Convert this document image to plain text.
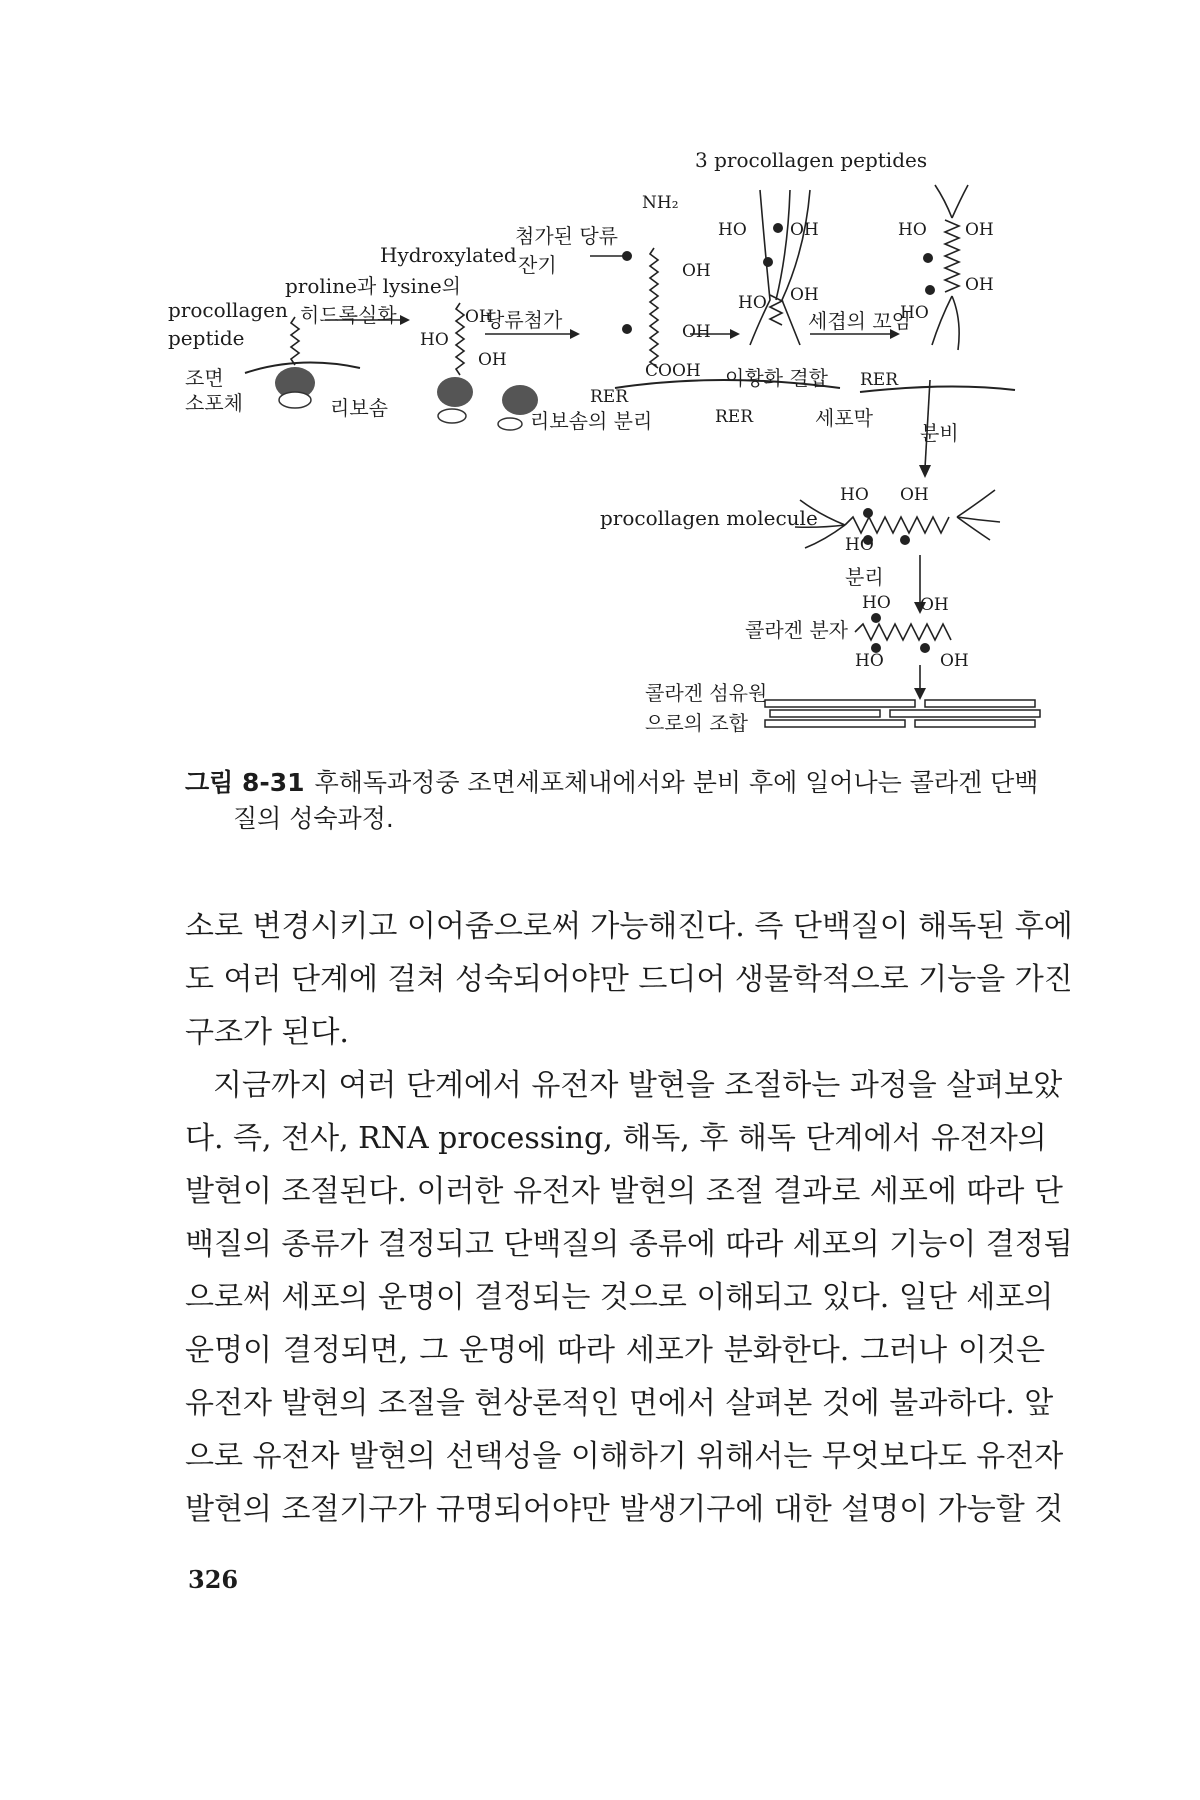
3 procollagen peptides
NH₂
첨가된 당류
잔기
Hydroxylated
proline과 lysine의
히드록실화
procollagen
peptide
조면
소포체	리보솜
당류첨가
리보솜의 분리
RER
RER
RER
이황화 결합
세겹의 꼬임
세포막
분비
procollagen molecule
분리
콜라겐 분자
콜라겐 섬유원
으로의 조합
OH
HO
OH
OH
OH
COOH
HO	OH
HO OH
HO OH
OH
HO
HO OH
HO
HO OH
HO	OH
그림 8-31 후해독과정중 조면세포체내에서와 분비 후에 일어나는 콜라겐 단백
질의 성숙과정.
소로 변경시키고 이어줌으로써 가능해진다. 즉 단백질이 해독된 후에
도 여러 단계에 걸쳐 성숙되어야만 드디어 생물학적으로 기능을 가진
구조가 된다.
지금까지 여러 단계에서 유전자 발현을 조절하는 과정을 살펴보았
다. 즉, 전사, RNA processing, 해독, 후 해독 단계에서 유전자의
발현이 조절된다. 이러한 유전자 발현의 조절 결과로 세포에 따라 단
백질의 종류가 결정되고 단백질의 종류에 따라 세포의 기능이 결정됨
으로써 세포의 운명이 결정되는 것으로 이해되고 있다. 일단 세포의
운명이 결정되면, 그 운명에 따라 세포가 분화한다. 그러나 이것은
유전자 발현의 조절을 현상론적인 면에서 살펴본 것에 불과하다. 앞
으로 유전자 발현의 선택성을 이해하기 위해서는 무엇보다도 유전자
발현의 조절기구가 규명되어야만 발생기구에 대한 설명이 가능할 것
326
